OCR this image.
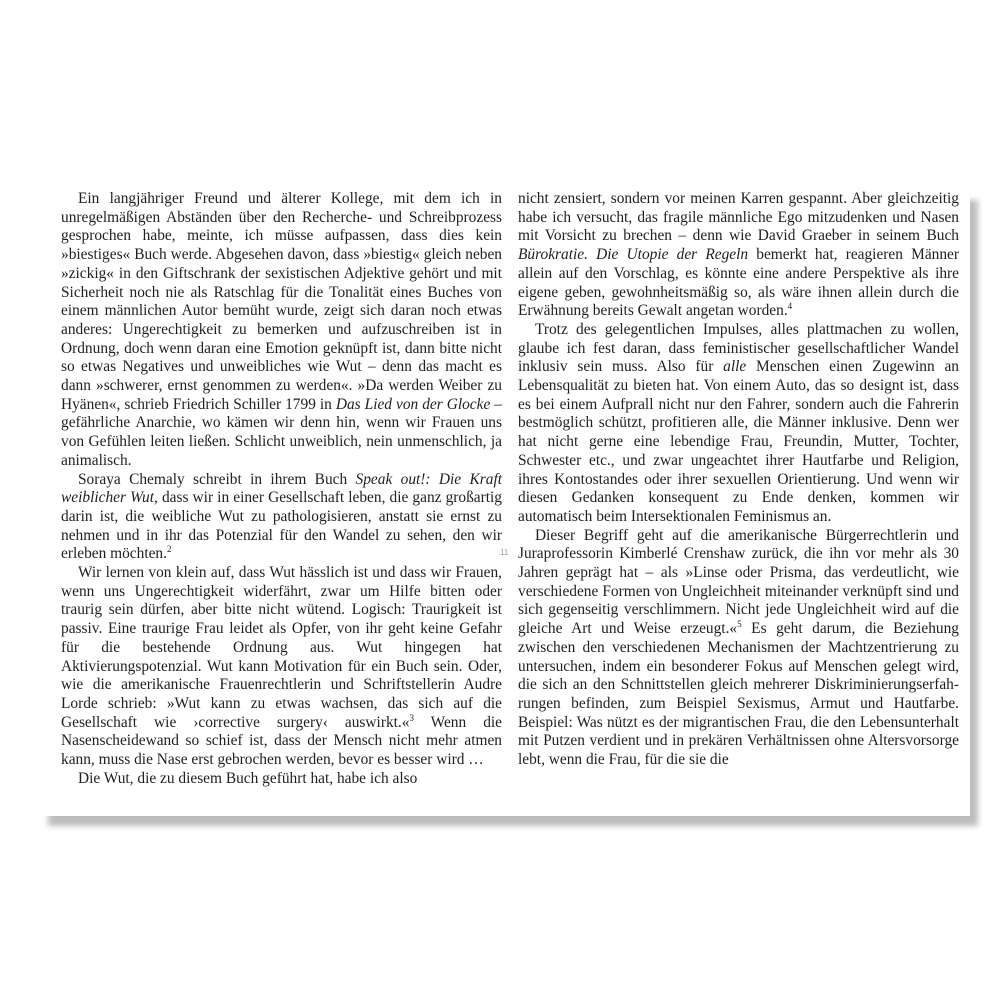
Ein langjähriger Freund und älterer Kollege, mit dem ich in unregelmäßigen Abständen über den Recherche- und Schreibprozess gesprochen habe, meinte, ich müsse aufpassen, dass dies kein »biestiges« Buch werde. Abgesehen davon, dass »biestig« gleich neben »zickig« in den Giftschrank der sexistischen Adjektive gehört und mit Sicherheit noch nie als Ratschlag für die Tonalität eines Buches von einem männlichen Autor bemüht wurde, zeigt sich daran noch etwas anderes: Ungerechtigkeit zu bemerken und aufzuschreiben ist in Ordnung, doch wenn daran eine Emotion geknüpft ist, dann bitte nicht so etwas Negatives und unweibliches wie Wut – denn das macht es dann »schwerer, ernst genommen zu werden«. »Da werden Weiber zu Hyänen«, schrieb Friedrich Schiller 1799 in Das Lied von der Glocke – gefährliche Anarchie, wo kämen wir denn hin, wenn wir Frauen uns von Gefühlen leiten ließen. Schlicht unweiblich, nein unmenschlich, ja animalisch.

Soraya Chemaly schreibt in ihrem Buch Speak out!: Die Kraft weiblicher Wut, dass wir in einer Gesellschaft leben, die ganz großartig darin ist, die weibliche Wut zu pathologisieren, anstatt sie ernst zu nehmen und in ihr das Potenzial für den Wandel zu sehen, den wir erleben möchten.$^2$

Wir lernen von klein auf, dass Wut hässlich ist und dass wir Frauen, wenn uns Ungerechtigkeit widerfährt, zwar um Hilfe bitten oder traurig sein dürfen, aber bitte nicht wütend. Logisch: Traurigkeit ist passiv. Eine traurige Frau leidet als Opfer, von ihr geht keine Gefahr für die bestehende Ordnung aus. Wut hingegen hat Aktivierungspotenzial. Wut kann Motivation für ein Buch sein. Oder, wie die amerikanische Frauenrechtlerin und Schriftstellerin Audre Lorde schrieb: »Wut kann zu etwas wachsen, das sich auf die Gesellschaft wie ›corrective surgery‹ auswirkt.«$^3$ Wenn die Nasenscheidewand so schief ist, dass der Mensch nicht mehr atmen kann, muss die Nase erst gebrochen werden, bevor es besser wird …

Die Wut, die zu diesem Buch geführt hat, habe ich also

11

nicht zensiert, sondern vor meinen Karren gespannt. Aber gleichzeitig habe ich versucht, das fragile männliche Ego mitzudenken und Nasen mit Vorsicht zu brechen – denn wie David Graeber in seinem Buch Bürokratie. Die Utopie der Regeln bemerkt hat, reagieren Männer allein auf den Vorschlag, es könnte eine andere Perspektive als ihre eigene geben, gewohnheitsmäßig so, als wäre ihnen allein durch die Erwähnung bereits Gewalt angetan worden.$^4$

Trotz des gelegentlichen Impulses, alles plattmachen zu wollen, glaube ich fest daran, dass feministischer gesellschaftlicher Wandel inklusiv sein muss. Also für alle Menschen einen Zugewinn an Lebensqualität zu bieten hat. Von einem Auto, das so designt ist, dass es bei einem Aufprall nicht nur den Fahrer, sondern auch die Fahrerin bestmöglich schützt, profitieren alle, die Männer inklusive. Denn wer hat nicht gerne eine lebendige Frau, Freundin, Mutter, Tochter, Schwester etc., und zwar ungeachtet ihrer Hautfarbe und Religion, ihres Kontostandes oder ihrer sexuellen Orientierung. Und wenn wir diesen Gedanken konsequent zu Ende denken, kommen wir automatisch beim Intersektionalen Feminismus an.

Dieser Begriff geht auf die amerikanische Bürgerrechtlerin und Juraprofessorin Kimberlé Crenshaw zurück, die ihn vor mehr als 30 Jahren geprägt hat – als »Linse oder Prisma, das verdeutlicht, wie verschiedene Formen von Ungleichheit miteinander verknüpft sind und sich gegenseitig verschlimmern. Nicht jede Ungleichheit wird auf die gleiche Art und Weise erzeugt.«$^5$ Es geht darum, die Beziehung zwischen den verschiedenen Mechanismen der Machtzentrierung zu untersuchen, indem ein besonderer Fokus auf Menschen gelegt wird, die sich an den Schnittstellen gleich mehrerer Diskriminierungserfahrungen befinden, zum Beispiel Sexismus, Armut und Hautfarbe. Beispiel: Was nützt es der migrantischen Frau, die den Lebensunterhalt mit Putzen verdient und in prekären Verhältnissen ohne Altersvorsorge lebt, wenn die Frau, für die sie die
